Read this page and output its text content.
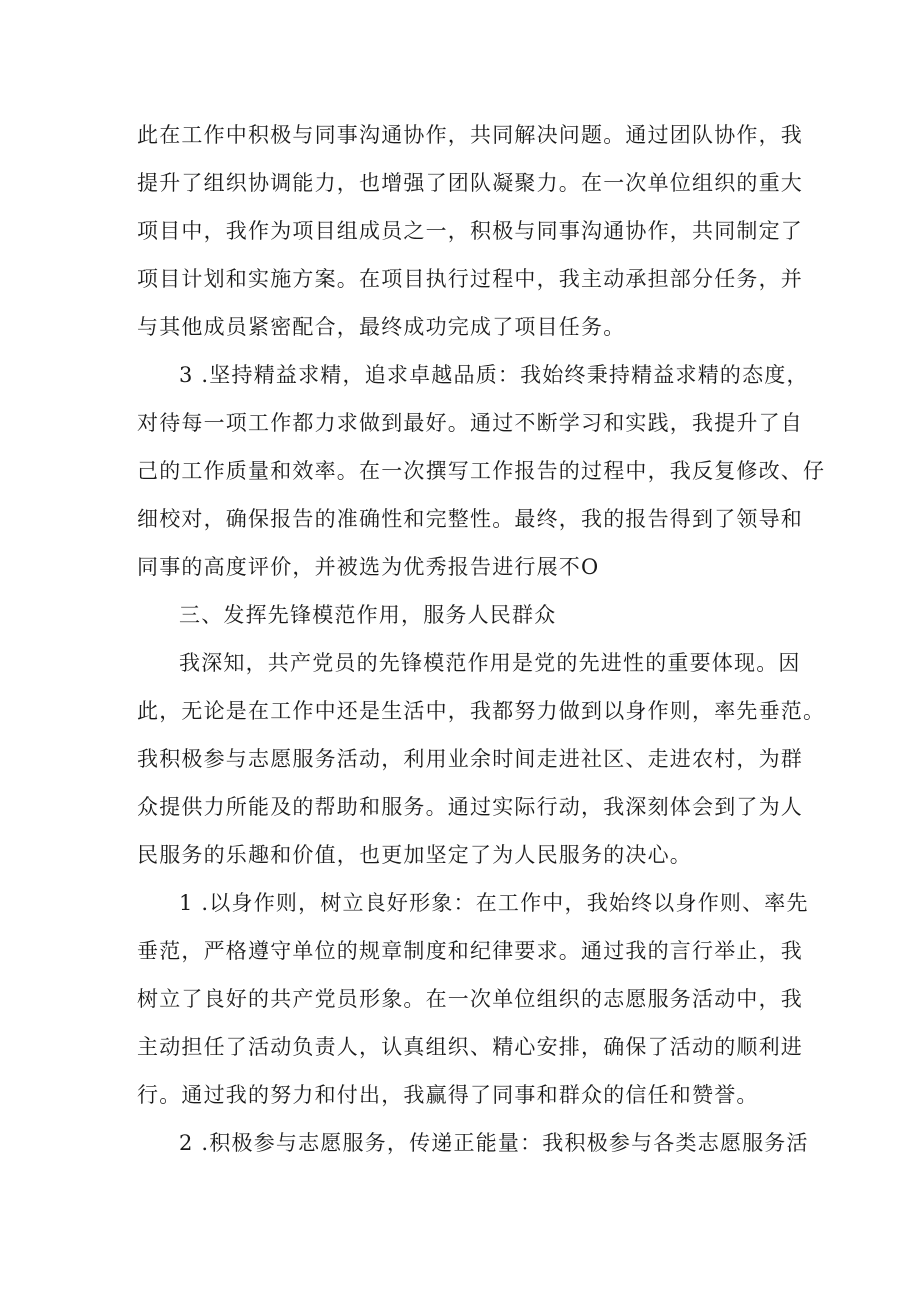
此在工作中积极与同事沟通协作，共同解决问题。通过团队协作，我
提升了组织协调能力，也增强了团队凝聚力。在一次单位组织的重大
项目中，我作为项目组成员之一，积极与同事沟通协作，共同制定了
项目计划和实施方案。在项目执行过程中，我主动承担部分任务，并
与其他成员紧密配合，最终成功完成了项目任务。
3 .坚持精益求精，追求卓越品质：我始终秉持精益求精的态度，
对待每一项工作都力求做到最好。通过不断学习和实践，我提升了自
己的工作质量和效率。在一次撰写工作报告的过程中，我反复修改、仔
细校对，确保报告的准确性和完整性。最终，我的报告得到了领导和
同事的高度评价，并被选为优秀报告进行展不O
三、发挥先锋模范作用，服务人民群众
我深知，共产党员的先锋模范作用是党的先进性的重要体现。因
此，无论是在工作中还是生活中，我都努力做到以身作则，率先垂范。
我积极参与志愿服务活动，利用业余时间走进社区、走进农村，为群
众提供力所能及的帮助和服务。通过实际行动，我深刻体会到了为人
民服务的乐趣和价值，也更加坚定了为人民服务的决心。
1 .以身作则，树立良好形象：在工作中，我始终以身作则、率先
垂范，严格遵守单位的规章制度和纪律要求。通过我的言行举止，我
树立了良好的共产党员形象。在一次单位组织的志愿服务活动中，我
主动担任了活动负责人，认真组织、精心安排，确保了活动的顺利进
行。通过我的努力和付出，我赢得了同事和群众的信任和赞誉。
2 .积极参与志愿服务，传递正能量：我积极参与各类志愿服务活
